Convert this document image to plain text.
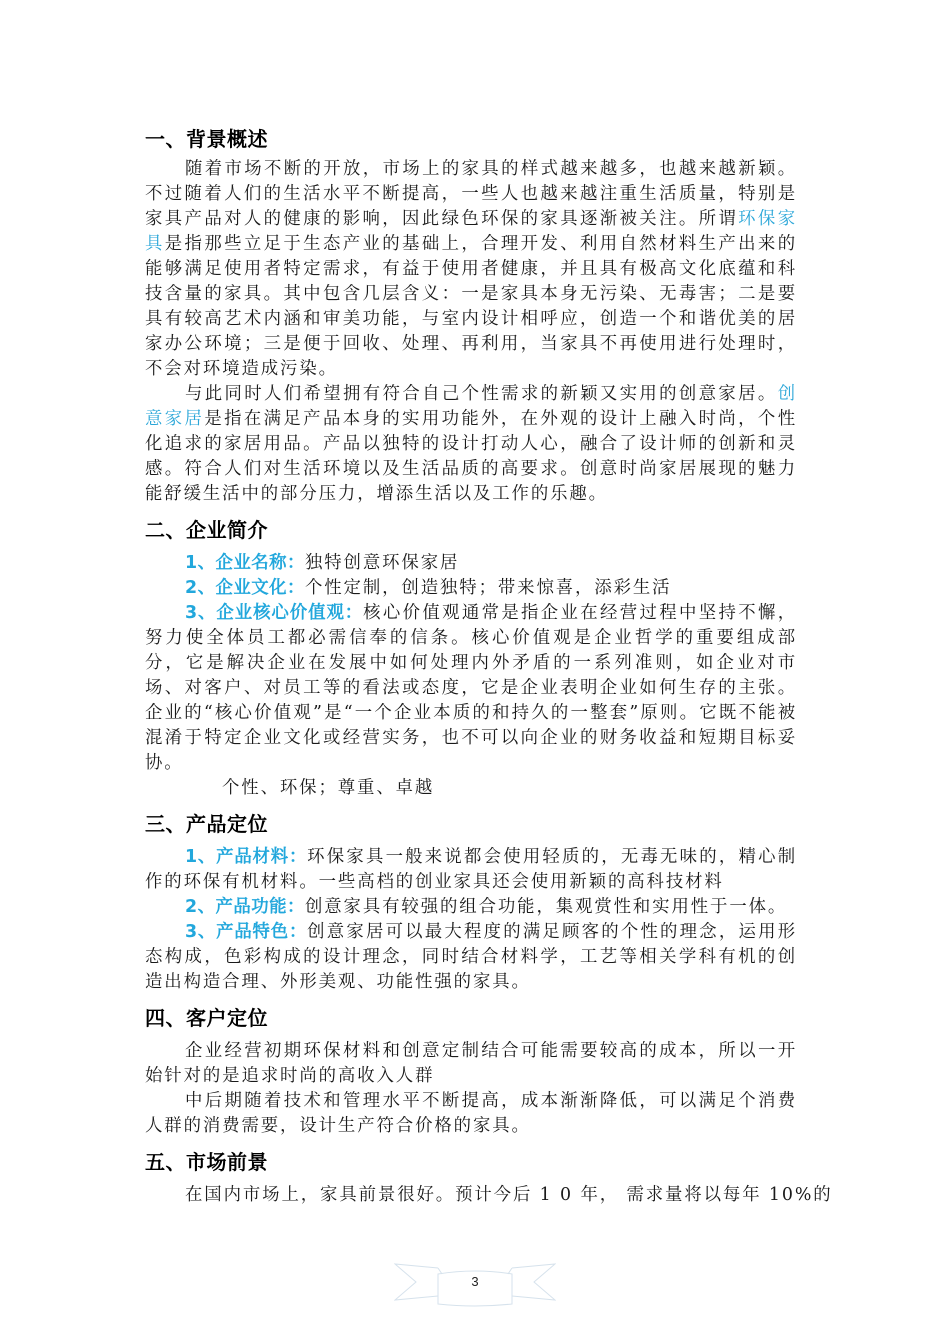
一、背景概述

随着市场不断的开放，市场上的家具的样式越来越多，也越来越新颖。不过随着人们的生活水平不断提高，一些人也越来越注重生活质量，特别是家具产品对人的健康的影响，因此绿色环保的家具逐渐被关注。所谓环保家具是指那些立足于生态产业的基础上，合理开发、利用自然材料生产出来的能够满足使用者特定需求，有益于使用者健康，并且具有极高文化底蕴和科技含量的家具。其中包含几层含义：一是家具本身无污染、无毒害；二是要具有较高艺术内涵和审美功能，与室内设计相呼应，创造一个和谐优美的居家办公环境；三是便于回收、处理、再利用，当家具不再使用进行处理时，不会对环境造成污染。

与此同时人们希望拥有符合自己个性需求的新颖又实用的创意家居。创意家居是指在满足产品本身的实用功能外，在外观的设计上融入时尚，个性化追求的家居用品。产品以独特的设计打动人心，融合了设计师的创新和灵感。符合人们对生活环境以及生活品质的高要求。创意时尚家居展现的魅力能舒缓生活中的部分压力，增添生活以及工作的乐趣。

二、企业简介

1、企业名称：独特创意环保家居

2、企业文化：个性定制，创造独特；带来惊喜，添彩生活

3、企业核心价值观：核心价值观通常是指企业在经营过程中坚持不懈，努力使全体员工都必需信奉的信条。核心价值观是企业哲学的重要组成部分，它是解决企业在发展中如何处理内外矛盾的一系列准则，如企业对市场、对客户、对员工等的看法或态度，它是企业表明企业如何生存的主张。企业的“核心价值观”是“一个企业本质的和持久的一整套”原则。它既不能被混淆于特定企业文化或经营实务，也不可以向企业的财务收益和短期目标妥协。

个性、环保；尊重、卓越

三、产品定位

1、产品材料：环保家具一般来说都会使用轻质的，无毒无味的，精心制作的环保有机材料。一些高档的创业家具还会使用新颖的高科技材料

2、产品功能：创意家具有较强的组合功能，集观赏性和实用性于一体。

3、产品特色：创意家居可以最大程度的满足顾客的个性的理念，运用形态构成，色彩构成的设计理念，同时结合材料学，工艺等相关学科有机的创造出构造合理、外形美观、功能性强的家具。

四、客户定位

企业经营初期环保材料和创意定制结合可能需要较高的成本，所以一开始针对的是追求时尚的高收入人群

中后期随着技术和管理水平不断提高，成本渐渐降低，可以满足个消费人群的消费需要，设计生产符合价格的家具。

五、市场前景

在国内市场上，家具前景很好。预计今后 1 0 年， 需求量将以每年 10%的

3
